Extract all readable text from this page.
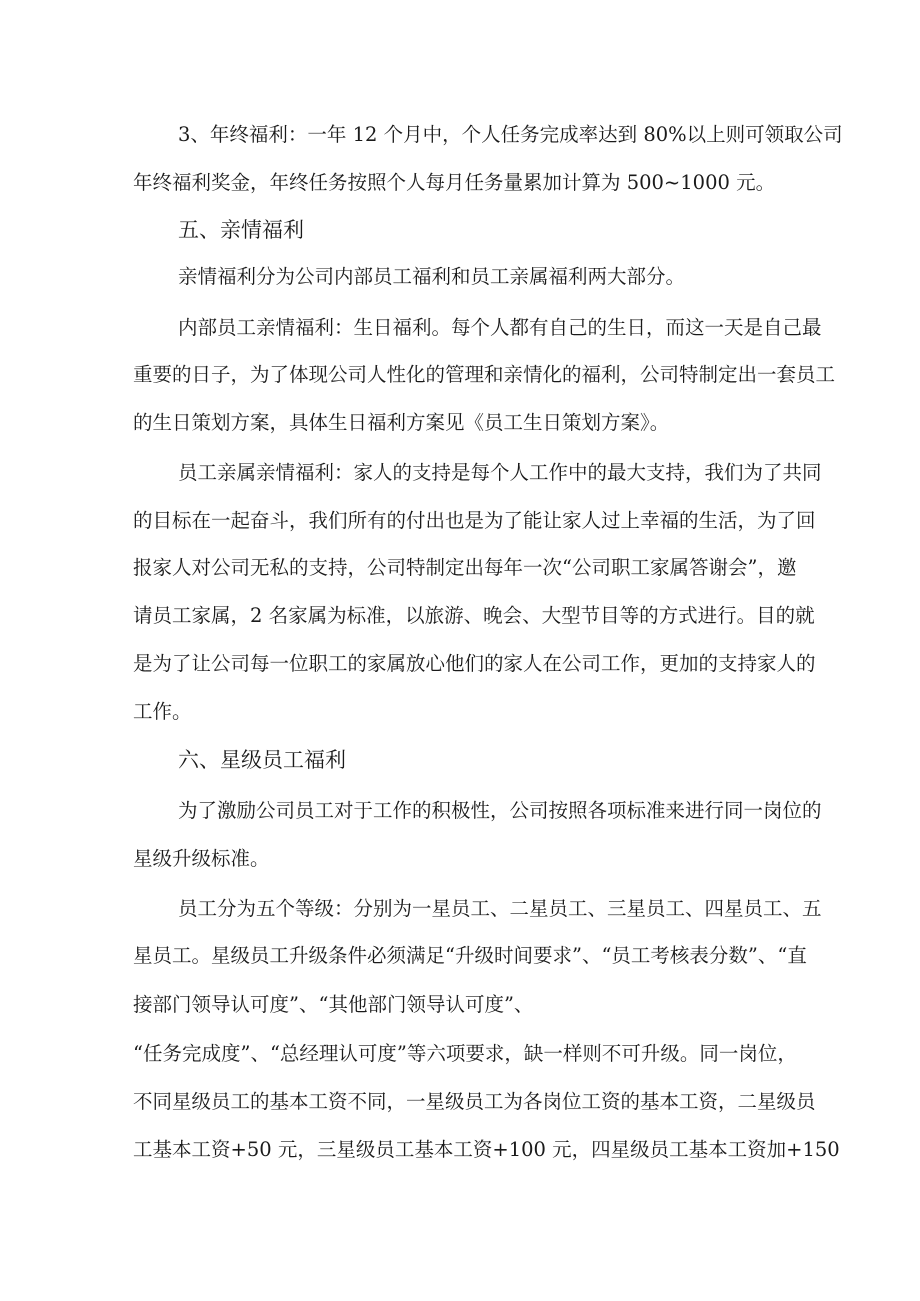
3、年终福利：一年 12 个月中，个人任务完成率达到 80%以上则可领取公司
年终福利奖金，年终任务按照个人每月任务量累加计算为 500~1000 元。
五、亲情福利
亲情福利分为公司内部员工福利和员工亲属福利两大部分。
内部员工亲情福利：生日福利。每个人都有自己的生日，而这一天是自己最
重要的日子，为了体现公司人性化的管理和亲情化的福利，公司特制定出一套员工
的生日策划方案，具体生日福利方案见《员工生日策划方案》。
员工亲属亲情福利：家人的支持是每个人工作中的最大支持，我们为了共同
的目标在一起奋斗，我们所有的付出也是为了能让家人过上幸福的生活，为了回
报家人对公司无私的支持，公司特制定出每年一次“公司职工家属答谢会”，邀
请员工家属，2 名家属为标准，以旅游、晚会、大型节目等的方式进行。目的就
是为了让公司每一位职工的家属放心他们的家人在公司工作，更加的支持家人的
工作。
六、星级员工福利
为了激励公司员工对于工作的积极性，公司按照各项标准来进行同一岗位的
星级升级标准。
员工分为五个等级：分别为一星员工、二星员工、三星员工、四星员工、五
星员工。星级员工升级条件必须满足“升级时间要求”、“员工考核表分数”、“直
接部门领导认可度”、“其他部门领导认可度”、
“任务完成度”、“总经理认可度”等六项要求，缺一样则不可升级。同一岗位，
不同星级员工的基本工资不同，一星级员工为各岗位工资的基本工资，二星级员
工基本工资+50 元，三星级员工基本工资+100 元，四星级员工基本工资加+150
